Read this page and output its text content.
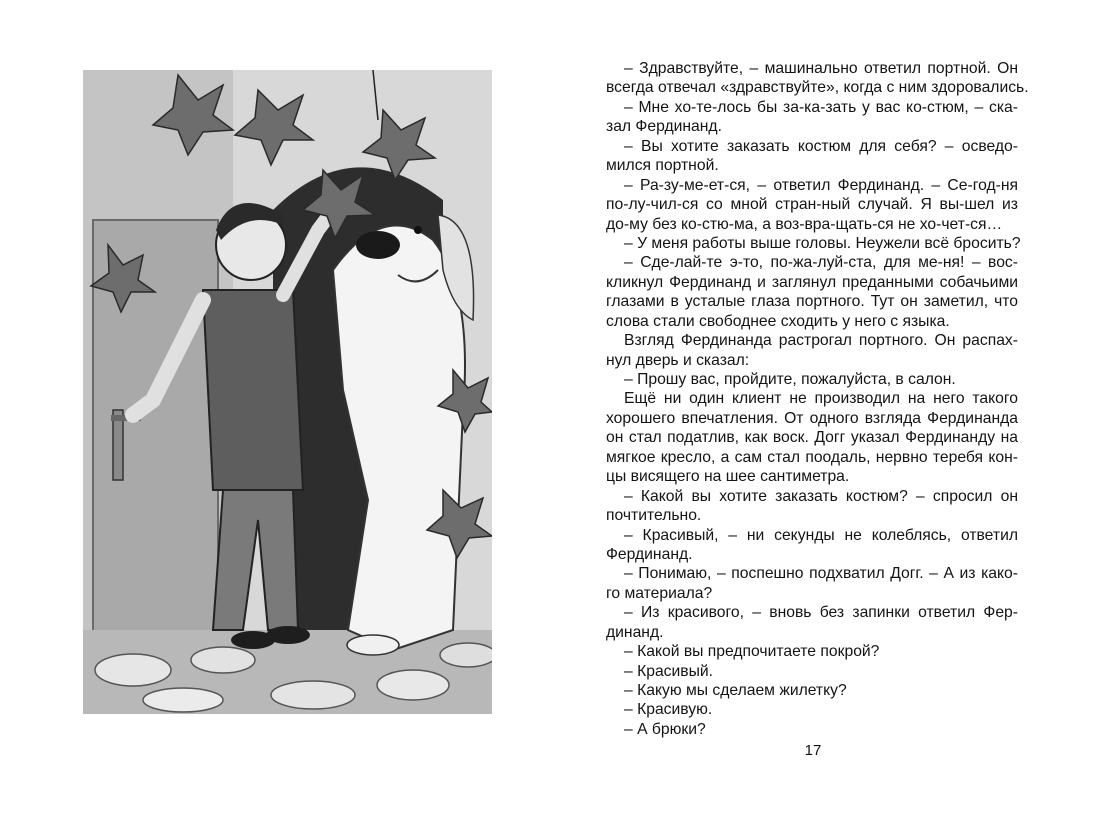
– Здравствуйте, – машинально ответил портной. Он
всегда отвечал «здравствуйте», когда с ним здоровались.
– Мне хо-те-лось бы за-ка-зать у вас ко-стюм, – ска-
зал Фердинанд.
– Вы хотите заказать костюм для себя? – осведо-
мился портной.
– Ра-зу-ме-ет-ся, – ответил Фердинанд. – Се-год-ня
по-лу-чил-ся со мной стран-ный случай. Я вы-шел из
до-му без ко-стю-ма, а воз-вра-щать-ся не хо-чет-ся…
– У меня работы выше головы. Неужели всё бросить?
– Сде-лай-те э-то, по-жа-луй-ста, для ме-ня! – вос-
кликнул Фердинанд и заглянул преданными собачьими
глазами в усталые глаза портного. Тут он заметил, что
слова стали свободнее сходить у него с языка.
Взгляд Фердинанда растрогал портного. Он распах-
нул дверь и сказал:
– Прошу вас, пройдите, пожалуйста, в салон.
Ещё ни один клиент не производил на него такого
хорошего впечатления. От одного взгляда Фердинанда
он стал податлив, как воск. Догг указал Фердинанду на
мягкое кресло, а сам стал поодаль, нервно теребя кон-
цы висящего на шее сантиметра.
– Какой вы хотите заказать костюм? – спросил он
почтительно.
– Красивый, – ни секунды не колеблясь, ответил
Фердинанд.
– Понимаю, – поспешно подхватил Догг. – А из како-
го материала?
– Из красивого, – вновь без запинки ответил Фер-
динанд.
– Какой вы предпочитаете покрой?
– Красивый.
– Какую мы сделаем жилетку?
– Красивую.
– А брюки?
17
